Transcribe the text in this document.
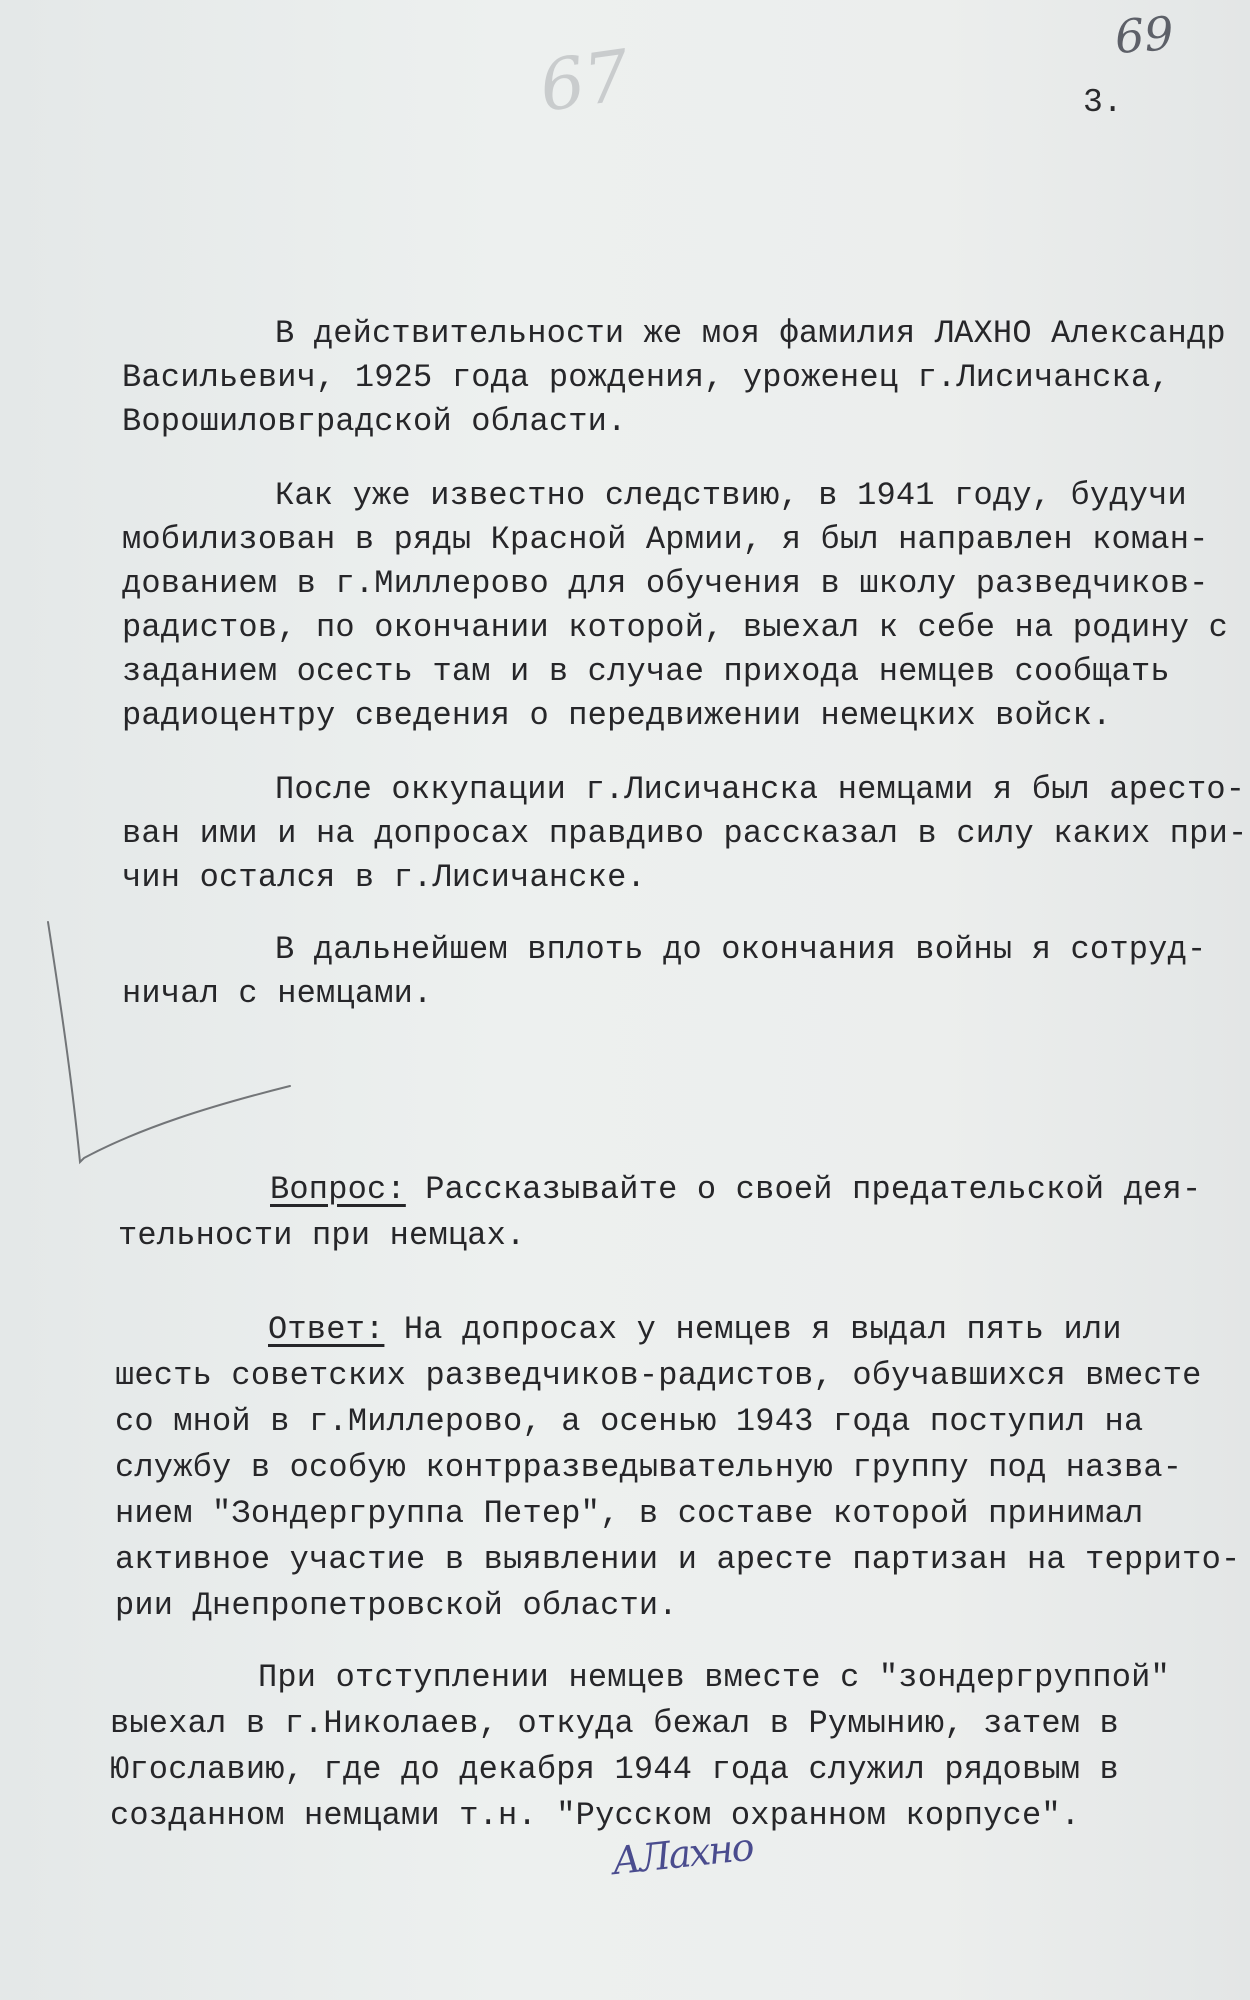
67	69
3.
В действительности же моя фамилия ЛАХНО Александр
Васильевич, 1925 года рождения, уроженец г.Лисичанска,
Ворошиловградской области.
Как уже известно следствию, в 1941 году, будучи
мобилизован в ряды Красной Армии, я был направлен коман-
дованием в г.Миллерово для обучения в школу разведчиков-
радистов, по окончании которой, выехал к себе на родину с
заданием осесть там и в случае прихода немцев сообщать
радиоцентру сведения о передвижении немецких войск.
После оккупации г.Лисичанска немцами я был аресто-
ван ими и на допросах правдиво рассказал в силу каких при-
чин остался в г.Лисичанске.
В дальнейшем вплоть до окончания войны я сотруд-
ничал с немцами.
Вопрос: Рассказывайте о своей предательской дея-
тельности при немцах.
Ответ: На допросах у немцев я выдал пять или
шесть советских разведчиков-радистов, обучавшихся вместе
со мной в г.Миллерово, а осенью 1943 года поступил на
службу в особую контрразведывательную группу под назва-
нием "Зондергруппа Петер", в составе которой принимал
активное участие в выявлении и аресте партизан на террито-
рии Днепропетровской области.
При отступлении немцев вместе с "зондергруппой"
выехал в г.Николаев, откуда бежал в Румынию, затем в
Югославию, где до декабря 1944 года служил рядовым в
созданном немцами т.н. "Русском охранном корпусе".
АЛахно
